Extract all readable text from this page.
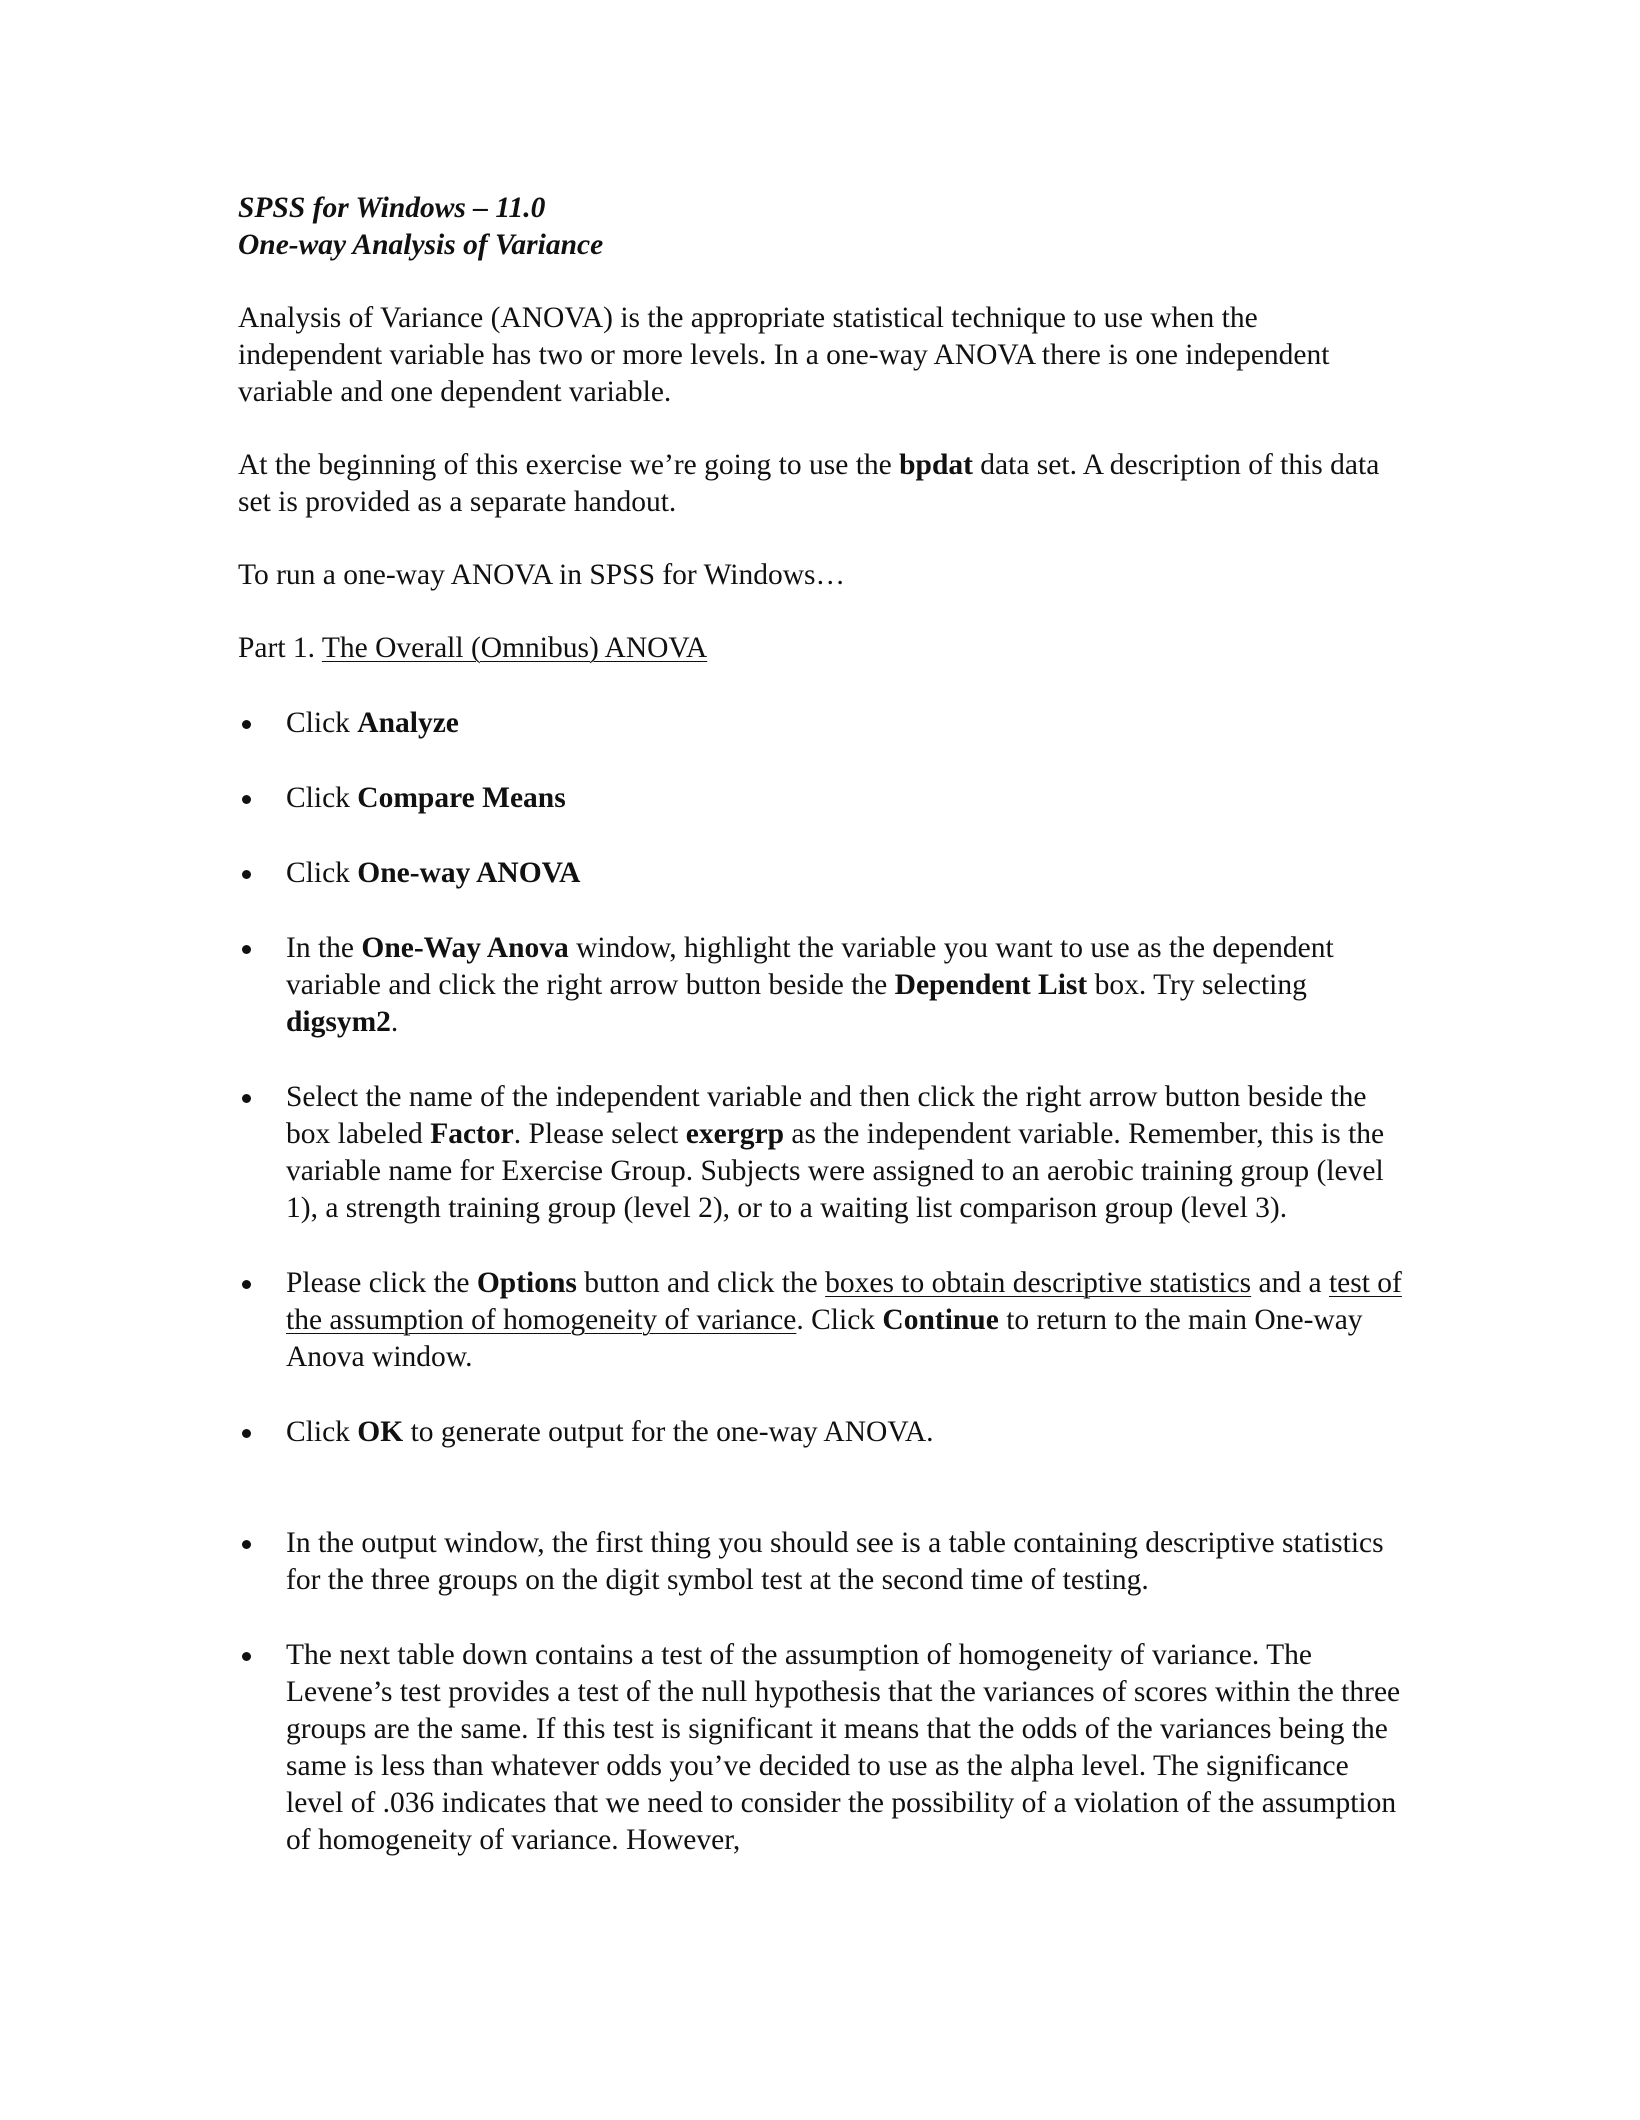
SPSS for Windows – 11.0
One-way Analysis of Variance

Analysis of Variance (ANOVA) is the appropriate statistical technique to use when the independent variable has two or more levels. In a one-way ANOVA there is one independent variable and one dependent variable.

At the beginning of this exercise we’re going to use the bpdat data set. A description of this data set is provided as a separate handout.

To run a one-way ANOVA in SPSS for Windows…

Part 1. The Overall (Omnibus) ANOVA

Click Analyze
Click Compare Means
Click One-way ANOVA
In the One-Way Anova window, highlight the variable you want to use as the dependent variable and click the right arrow button beside the Dependent List box. Try selecting digsym2.
Select the name of the independent variable and then click the right arrow button beside the box labeled Factor. Please select exergrp as the independent variable. Remember, this is the variable name for Exercise Group. Subjects were assigned to an aerobic training group (level 1), a strength training group (level 2), or to a waiting list comparison group (level 3).
Please click the Options button and click the boxes to obtain descriptive statistics and a test of the assumption of homogeneity of variance. Click Continue to return to the main One-way Anova window.
Click OK to generate output for the one-way ANOVA.
In the output window, the first thing you should see is a table containing descriptive statistics for the three groups on the digit symbol test at the second time of testing.
The next table down contains a test of the assumption of homogeneity of variance. The Levene’s test provides a test of the null hypothesis that the variances of scores within the three groups are the same. If this test is significant it means that the odds of the variances being the same is less than whatever odds you’ve decided to use as the alpha level. The significance level of .036 indicates that we need to consider the possibility of a violation of the assumption of homogeneity of variance. However,
